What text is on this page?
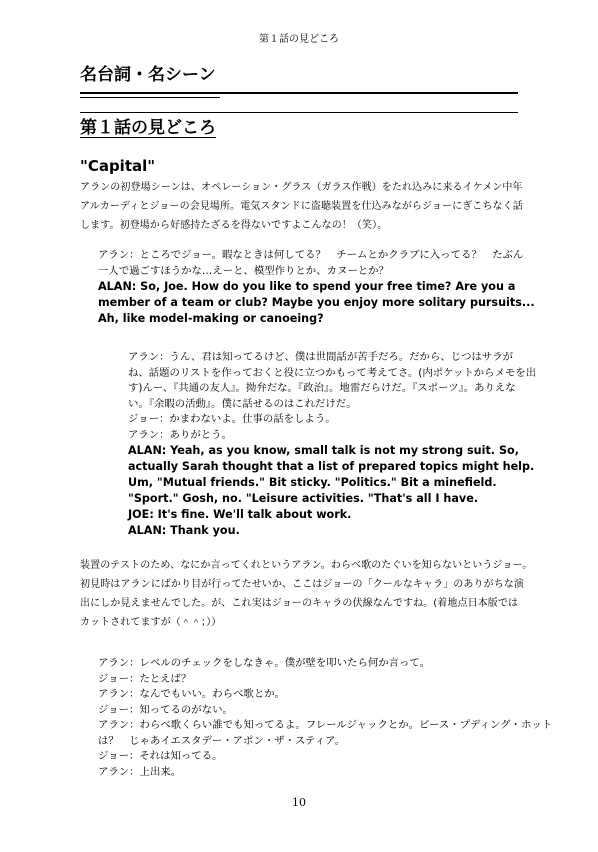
第１話の見どころ
名台詞・名シーン
第１話の見どころ
"Capital"
アランの初登場シーンは、オペレーション・グラス（ガラス作戦）をたれ込みに来るイケメン中年
アルカーディとジョーの会見場所。電気スタンドに盗聴装置を仕込みながらジョーにぎこちなく話
します。初登場から好感持たざるを得ないですよこんなの！（笑）。
アラン：ところでジョー。暇なときは何してる？　チームとかクラブに入ってる？　たぶん
一人で過ごすほうかな…えーと、模型作りとか、カヌーとか？
ALAN: So, Joe. How do you like to spend your free time? Are you a
member of a team or club? Maybe you enjoy more solitary pursuits...
Ah, like model-making or canoeing?
アラン：うん、君は知ってるけど、僕は世間話が苦手だろ。だから、じつはサラが
ね、話題のリストを作っておくと役に立つかもって考えてさ。(内ポケットからメモを出
す)んー、『共通の友人』。拗弁だな。『政治』。地雷だらけだ。『スポーツ』。ありえな
い。『余暇の活動』。僕に話せるのはこれだけだ。
ジョー：かまわないよ。仕事の話をしよう。
アラン：ありがとう。
ALAN: Yeah, as you know, small talk is not my strong suit. So,
actually Sarah thought that a list of prepared topics might help.
Um, "Mutual friends." Bit sticky. "Politics." Bit a minefield.
"Sport." Gosh, no. "Leisure activities. "That's all I have.
JOE: It's fine. We'll talk about work.
ALAN: Thank you.
装置のテストのため、なにか言ってくれというアラン。わらべ歌のたぐいを知らないというジョー。
初見時はアランにばかり目が行ってたせいか、ここはジョーの「クールなキャラ」のありがちな演
出にしか見えませんでした。が、これ実はジョーのキャラの伏線なんですね。(着地点日本版では
カットされてますが（＾＾；））
アラン：レベルのチェックをしなきゃ。僕が壁を叩いたら何か言って。
ジョー：たとえば？
アラン：なんでもいい。わらべ歌とか。
ジョー：知ってるのがない。
アラン：わらべ歌くらい誰でも知ってるよ。フレールジャックとか。ピース・プディング・ホット
は？　じゃあイエスタデー・アポン・ザ・スティア。
ジョー：それは知ってる。
アラン：上出来。
10
